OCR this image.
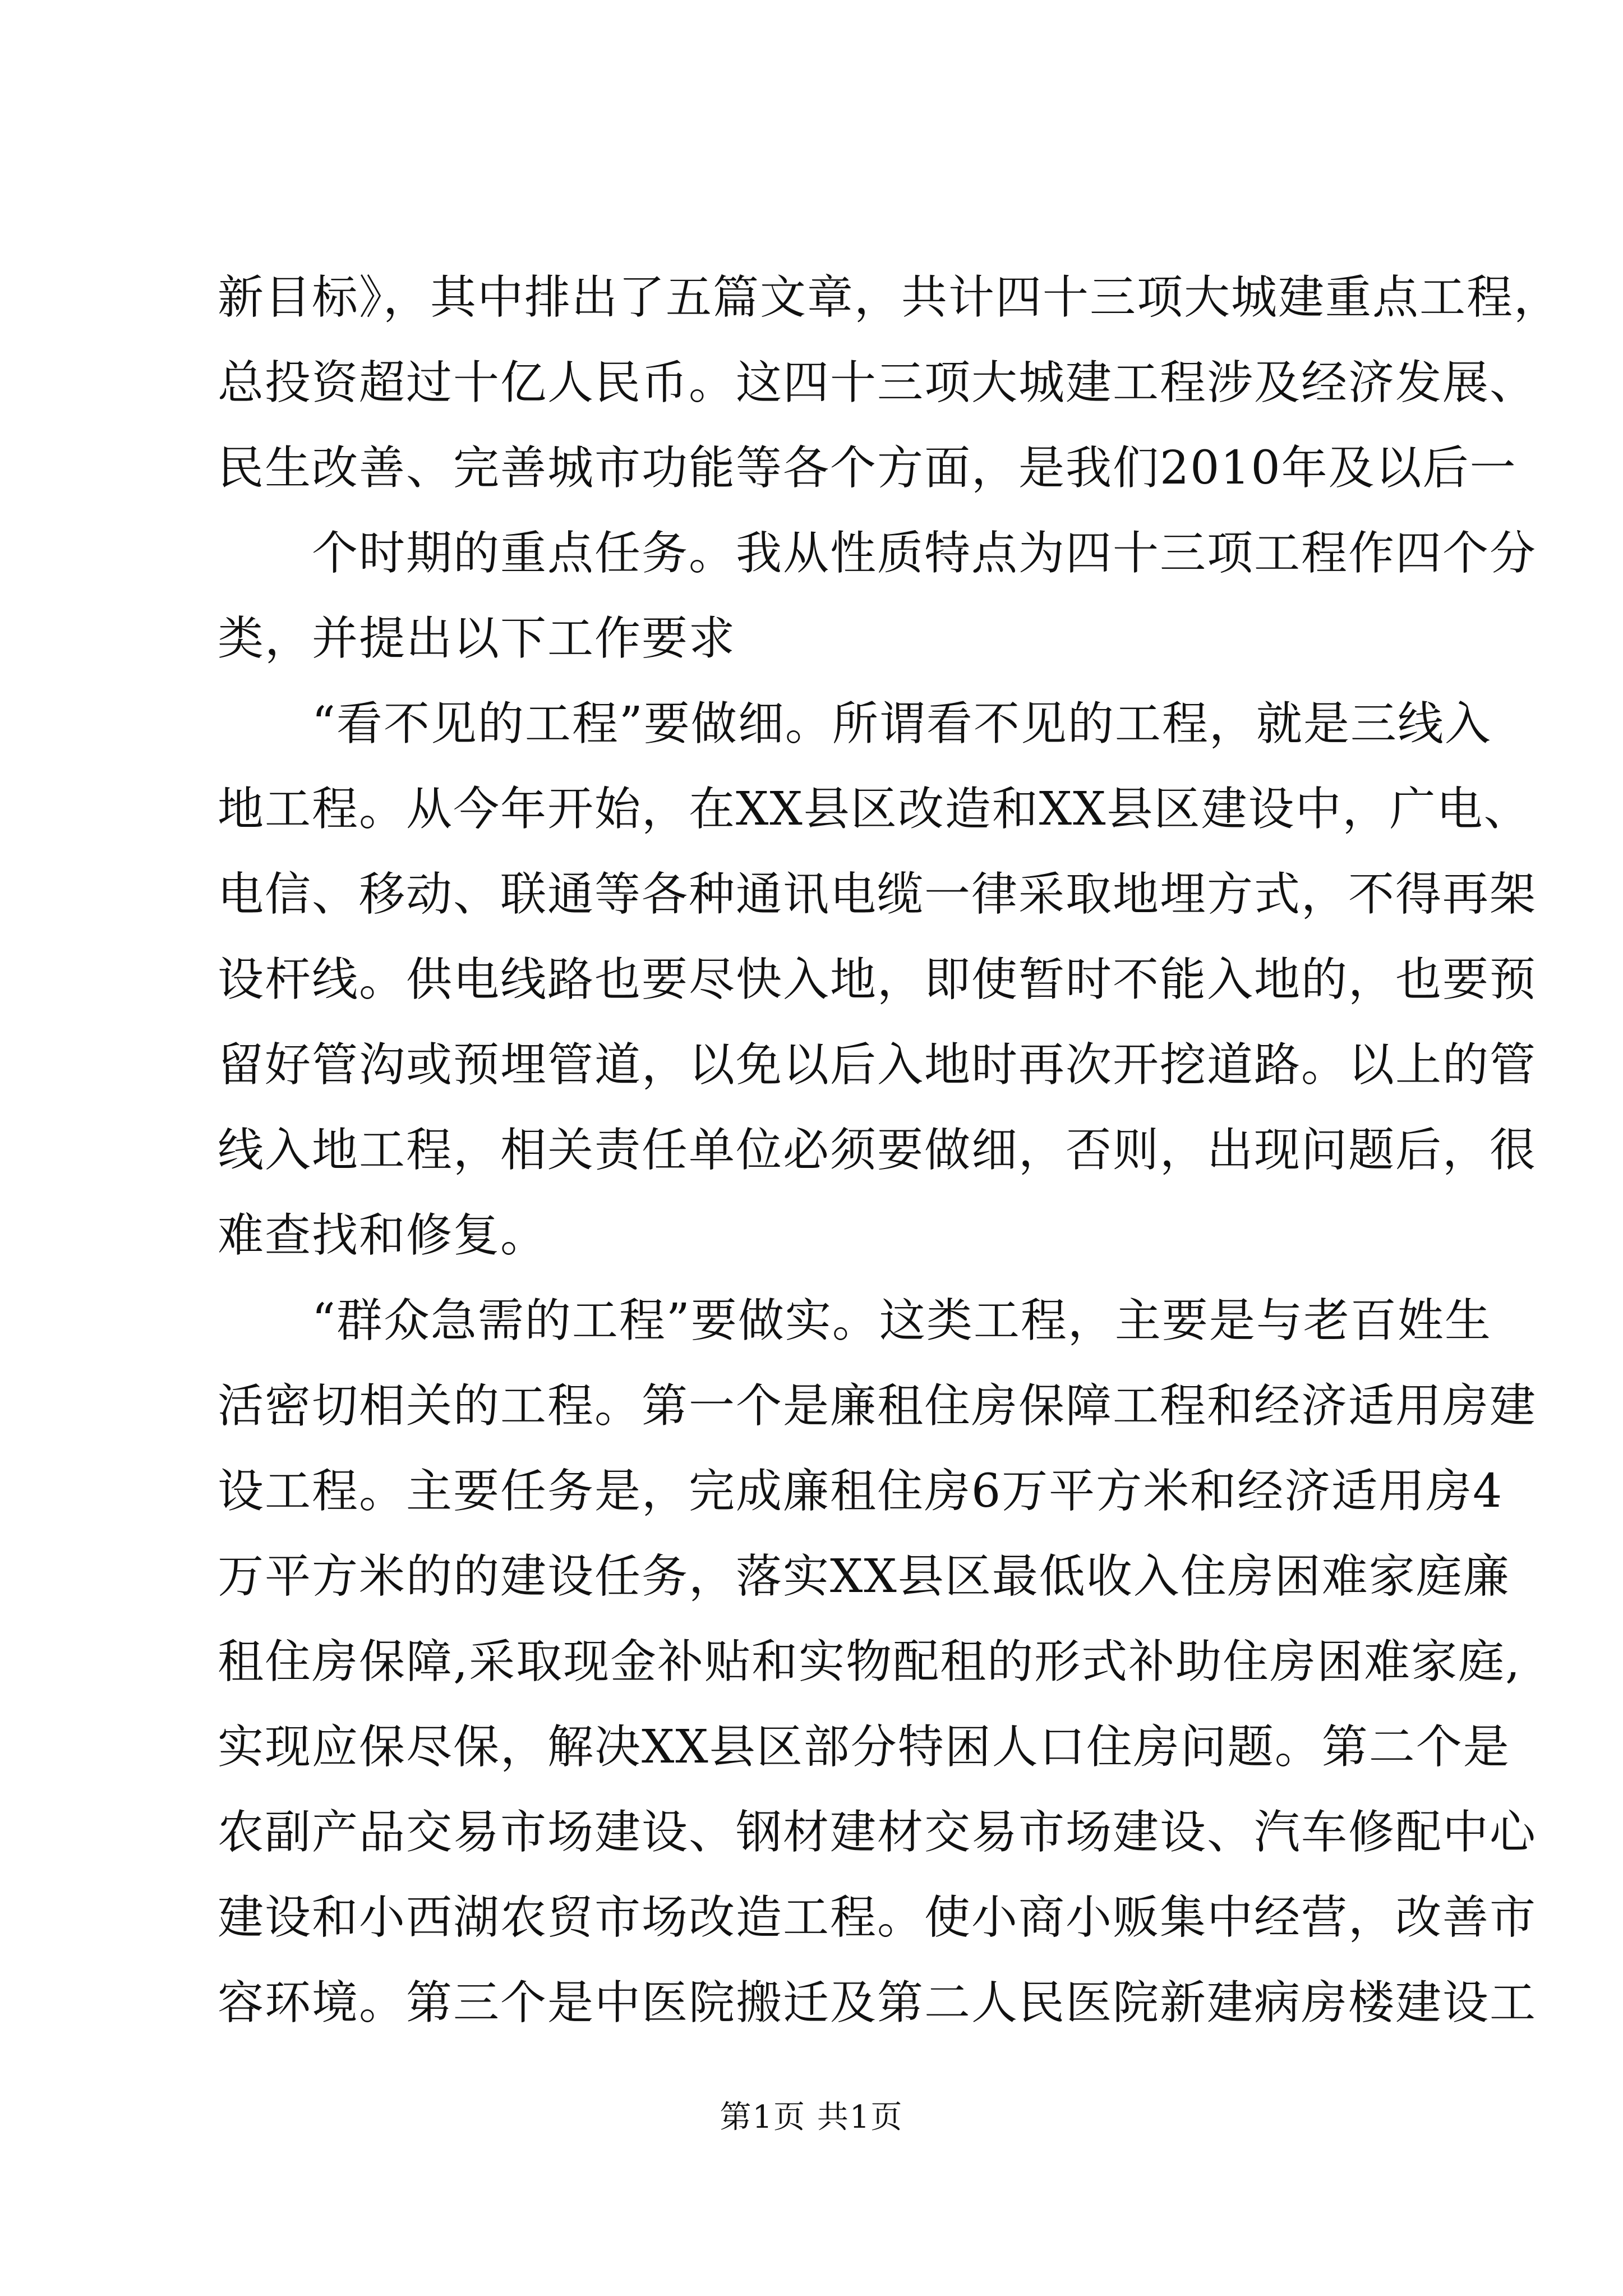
新目标》，其中排出了五篇文章，共计四十三项大城建重点工程，
总投资超过十亿人民币。这四十三项大城建工程涉及经济发展、
民生改善、完善城市功能等各个方面，是我们2010年及以后一
个时期的重点任务。我从性质特点为四十三项工程作四个分
类，并提出以下工作要求
“看不见的工程”要做细。所谓看不见的工程，就是三线入
地工程。从今年开始，在XX县区改造和XX县区建设中，广电、
电信、移动、联通等各种通讯电缆一律采取地埋方式，不得再架
设杆线。供电线路也要尽快入地，即使暂时不能入地的，也要预
留好管沟或预埋管道，以免以后入地时再次开挖道路。以上的管
线入地工程，相关责任单位必须要做细，否则，出现问题后，很
难查找和修复。
“群众急需的工程”要做实。这类工程，主要是与老百姓生
活密切相关的工程。第一个是廉租住房保障工程和经济适用房建
设工程。主要任务是，完成廉租住房6万平方米和经济适用房4
万平方米的的建设任务，落实XX县区最低收入住房困难家庭廉
租住房保障,采取现金补贴和实物配租的形式补助住房困难家庭,
实现应保尽保，解决XX县区部分特困人口住房问题。第二个是
农副产品交易市场建设、钢材建材交易市场建设、汽车修配中心
建设和小西湖农贸市场改造工程。使小商小贩集中经营，改善市
容环境。第三个是中医院搬迁及第二人民医院新建病房楼建设工
第1页 共1页
